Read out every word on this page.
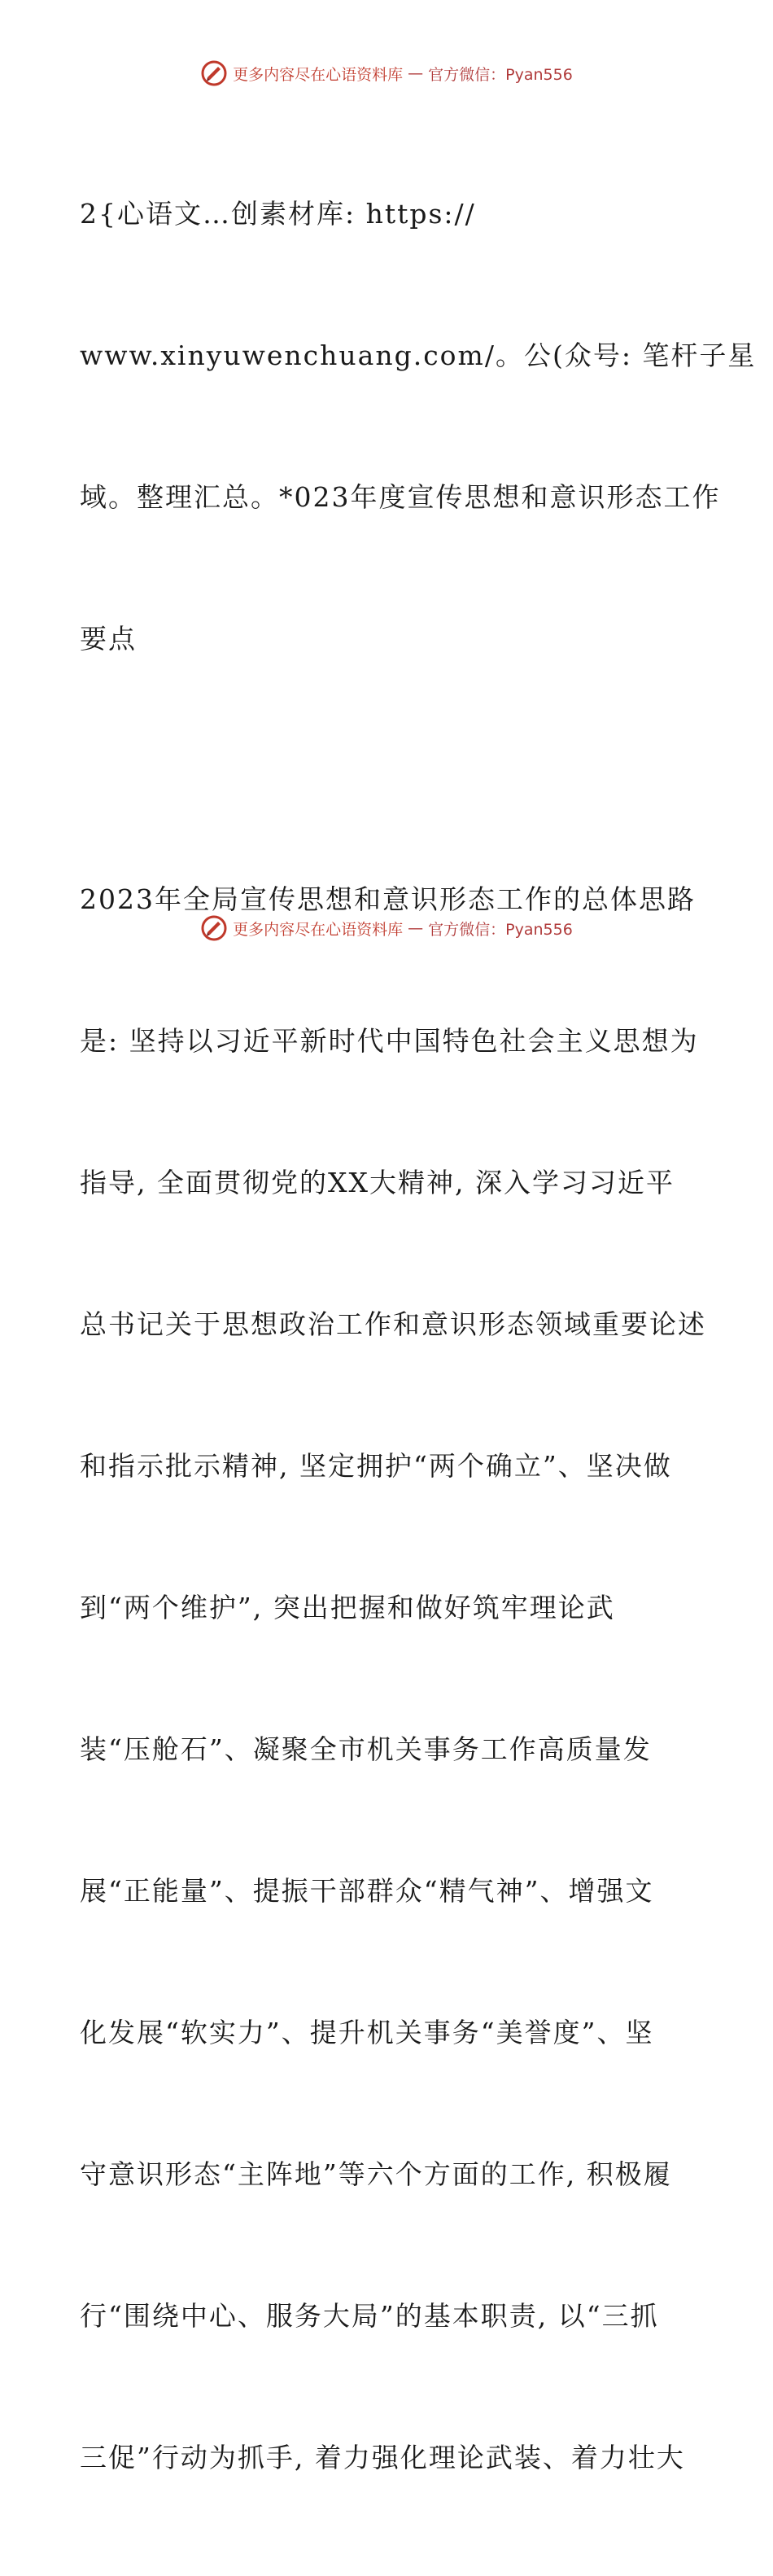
更多内容尽在心语资料库 — 官方微信：Pyan556

2{心语文…创素材库: https://

www.xinyuwenchuang.com/。公(众号: 笔杆子星

域。整理汇总。*023年度宣传思想和意识形态工作

要点

2023年全局宣传思想和意识形态工作的总体思路

是: 坚持以习近平新时代中国特色社会主义思想为

指导, 全面贯彻党的XX大精神, 深入学习习近平

总书记关于思想政治工作和意识形态领域重要论述

和指示批示精神, 坚定拥护“两个确立”、坚决做

到“两个维护”, 突出把握和做好筑牢理论武

装“压舱石”、凝聚全市机关事务工作高质量发

展“正能量”、提振干部群众“精气神”、增强文

化发展“软实力”、提升机关事务“美誉度”、坚

守意识形态“主阵地”等六个方面的工作, 积极履

行“围绕中心、服务大局”的基本职责, 以“三抓

三促”行动为抓手, 着力强化理论武装、着力壮大

更多内容尽在心语资料库 — 官方微信：Pyan556
